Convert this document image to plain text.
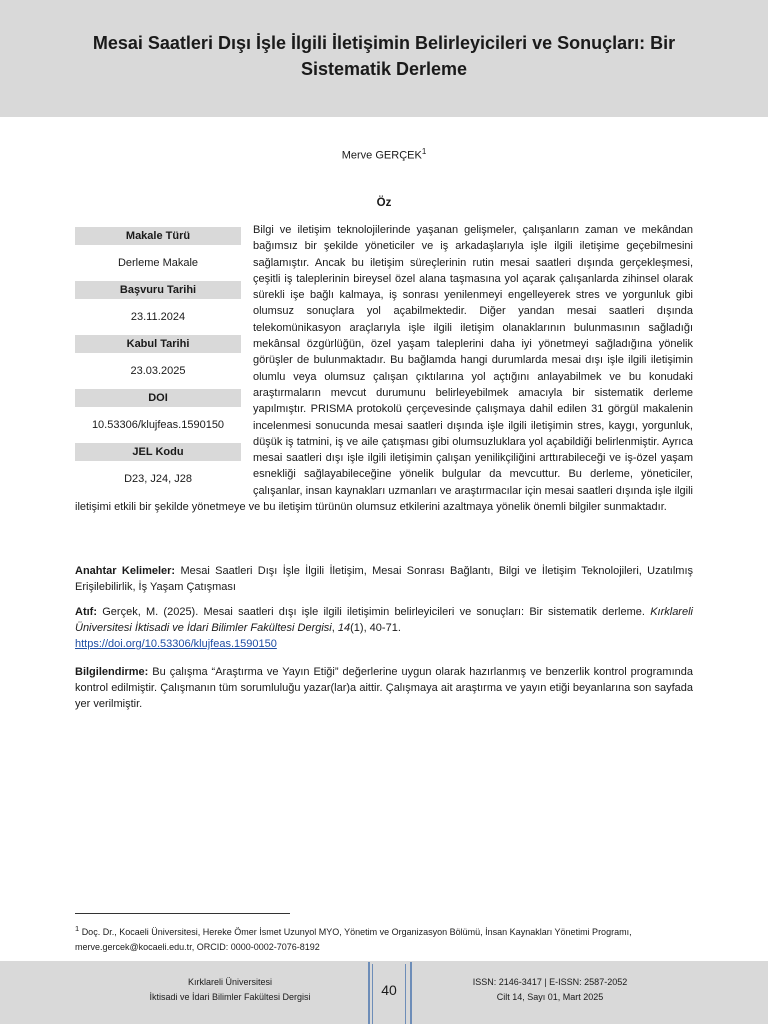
Mesai Saatleri Dışı İşle İlgili İletişimin Belirleyicileri ve Sonuçları: Bir
Sistematik Derleme
Merve GERÇEK$^1$
Öz
Makale Türü
Derleme Makale
Başvuru Tarihi
23.11.2024
Kabul Tarihi
23.03.2025
DOI
10.53306/klujfeas.1590150
JEL Kodu
D23, J24, J28
Bilgi ve iletişim teknolojilerinde yaşanan gelişmeler, çalışanların zaman ve mekândan bağımsız bir şekilde yöneticiler ve iş arkadaşlarıyla işle ilgili iletişime geçebilmesini sağlamıştır. Ancak bu iletişim süreçlerinin rutin mesai saatleri dışında gerçekleşmesi, çeşitli iş taleplerinin bireysel özel alana taşmasına yol açarak çalışanlarda zihinsel olarak sürekli işe bağlı kalmaya, iş sonrası yenilenmeyi engelleyerek stres ve yorgunluk gibi olumsuz sonuçlara yol açabilmektedir. Diğer yandan mesai saatleri dışında telekomünikasyon araçlarıyla işle ilgili iletişim olanaklarının bulunmasının sağladığı mekânsal özgürlüğün, özel yaşam taleplerini daha iyi yönetmeyi sağladığına yönelik görüşler de bulunmaktadır. Bu bağlamda hangi durumlarda mesai dışı işle ilgili iletişimin olumlu veya olumsuz çalışan çıktılarına yol açtığını anlayabilmek ve bu konudaki araştırmaların mevcut durumunu belirleyebilmek amacıyla bir sistematik derleme yapılmıştır. PRISMA protokolü çerçevesinde çalışmaya dahil edilen 31 görgül makalenin incelenmesi sonucunda mesai saatleri dışında işle ilgili iletişimin stres, kaygı, yorgunluk, düşük iş tatmini, iş ve aile çatışması gibi olumsuzluklara yol açabildiği belirlenmiştir. Ayrıca mesai saatleri dışı işle ilgili iletişimin çalışan yenilikçiliğini arttırabileceği ve iş-özel yaşam esnekliği sağlayabileceğine yönelik bulgular da mevcuttur. Bu derleme, yöneticiler, çalışanlar, insan kaynakları uzmanları ve araştırmacılar için mesai saatleri dışında işle ilgili iletişimi etkili bir şekilde yönetmeye ve bu iletişim türünün olumsuz etkilerini azaltmaya yönelik önemli bilgiler sunmaktadır.

Anahtar Kelimeler: Mesai Saatleri Dışı İşle İlgili İletişim, Mesai Sonrası Bağlantı, Bilgi ve İletişim Teknolojileri, Uzatılmış Erişilebilirlik, İş Yaşam Çatışması

Atıf: Gerçek, M. (2025). Mesai saatleri dışı işle ilgili iletişimin belirleyicileri ve sonuçları: Bir sistematik derleme. Kırklareli Üniversitesi İktisadi ve İdari Bilimler Fakültesi Dergisi, 14(1), 40-71.
https://doi.org/10.53306/klujfeas.1590150

Bilgilendirme: Bu çalışma “Araştırma ve Yayın Etiği” değerlerine uygun olarak hazırlanmış ve benzerlik kontrol programında kontrol edilmiştir. Çalışmanın tüm sorumluluğu yazar(lar)a aittir. Çalışmaya ait araştırma ve yayın etiği beyanlarına son sayfada yer verilmiştir.

$^1$ Doç. Dr., Kocaeli Üniversitesi, Hereke Ömer İsmet Uzunyol MYO, Yönetim ve Organizasyon Bölümü, İnsan Kaynakları Yönetimi Programı, merve.gercek@kocaeli.edu.tr, ORCID: 0000-0002-7076-8192
Kırklareli Üniversitesi
İktisadi ve İdari Bilimler Fakültesi Dergisi	40	ISSN: 2146-3417 | E-ISSN: 2587-2052
Cilt 14, Sayı 01, Mart 2025
